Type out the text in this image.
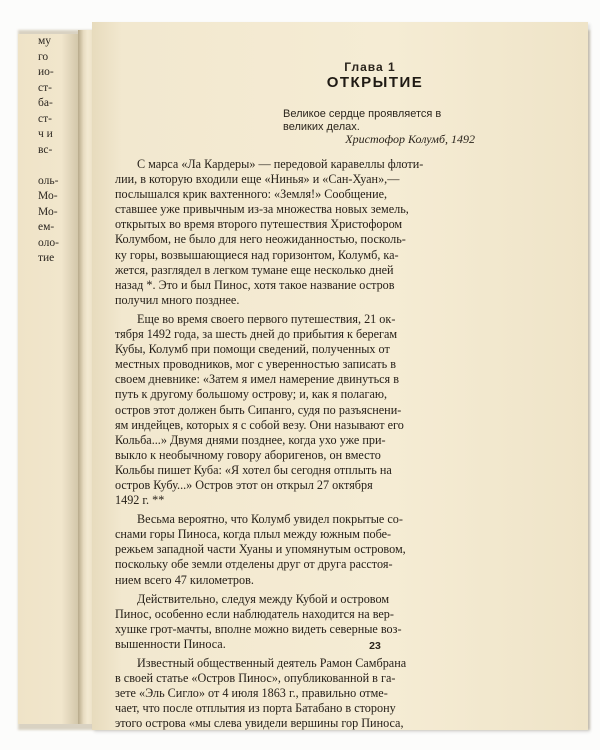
му
го
ио-
ст-
ба-
ст-
ч и
вс-

оль-
Мо-
Мо-
ем-
оло-
тие
Глава 1
ОТКРЫТИЕ
Великое сердце проявляется в великих делах.
Христофор Колумб, 1492
С марса «Ла Кардеры» — передовой каравеллы флоти-
лии, в которую входили еще «Нинья» и «Сан-Хуан»,—
послышался крик вахтенного: «Земля!» Сообщение,
ставшее уже привычным из-за множества новых земель,
открытых во время второго путешествия Христофором
Колумбом, не было для него неожиданностью, посколь-
ку горы, возвышающиеся над горизонтом, Колумб, ка-
жется, разглядел в легком тумане еще несколько дней
назад *. Это и был Пинос, хотя такое название остров
получил много позднее.
Еще во время своего первого путешествия, 21 ок-
тября 1492 года, за шесть дней до прибытия к берегам
Кубы, Колумб при помощи сведений, полученных от
местных проводников, мог с уверенностью записать в
своем дневнике: «Затем я имел намерение двинуться в
путь к другому большому острову; и, как я полагаю,
остров этот должен быть Сипанго, судя по разъяснени-
ям индейцев, которых я с собой везу. Они называют его
Кольба...» Двумя днями позднее, когда ухо уже при-
выкло к необычному говору аборигенов, он вместо
Кольбы пишет Куба: «Я хотел бы сегодня отплыть на
остров Кубу...» Остров этот он открыл 27 октября
1492 г. **
Весьма вероятно, что Колумб увидел покрытые со-
снами горы Пиноса, когда плыл между южным побе-
режьем западной части Хуаны и упомянутым островом,
поскольку обе земли отделены друг от друга расстоя-
нием всего 47 километров.
Действительно, следуя между Кубой и островом
Пинос, особенно если наблюдатель находится на вер-
хушке грот-мачты, вполне можно видеть северные воз-
вышенности Пиноса.
Известный общественный деятель Рамон Самбрана
в своей статье «Остров Пинос», опубликованной в га-
зете «Эль Сигло» от 4 июля 1863 г., правильно отме-
чает, что после отплытия из порта Батабано в сторону
этого острова «мы слева увидели вершины гор Пиноса,
23
